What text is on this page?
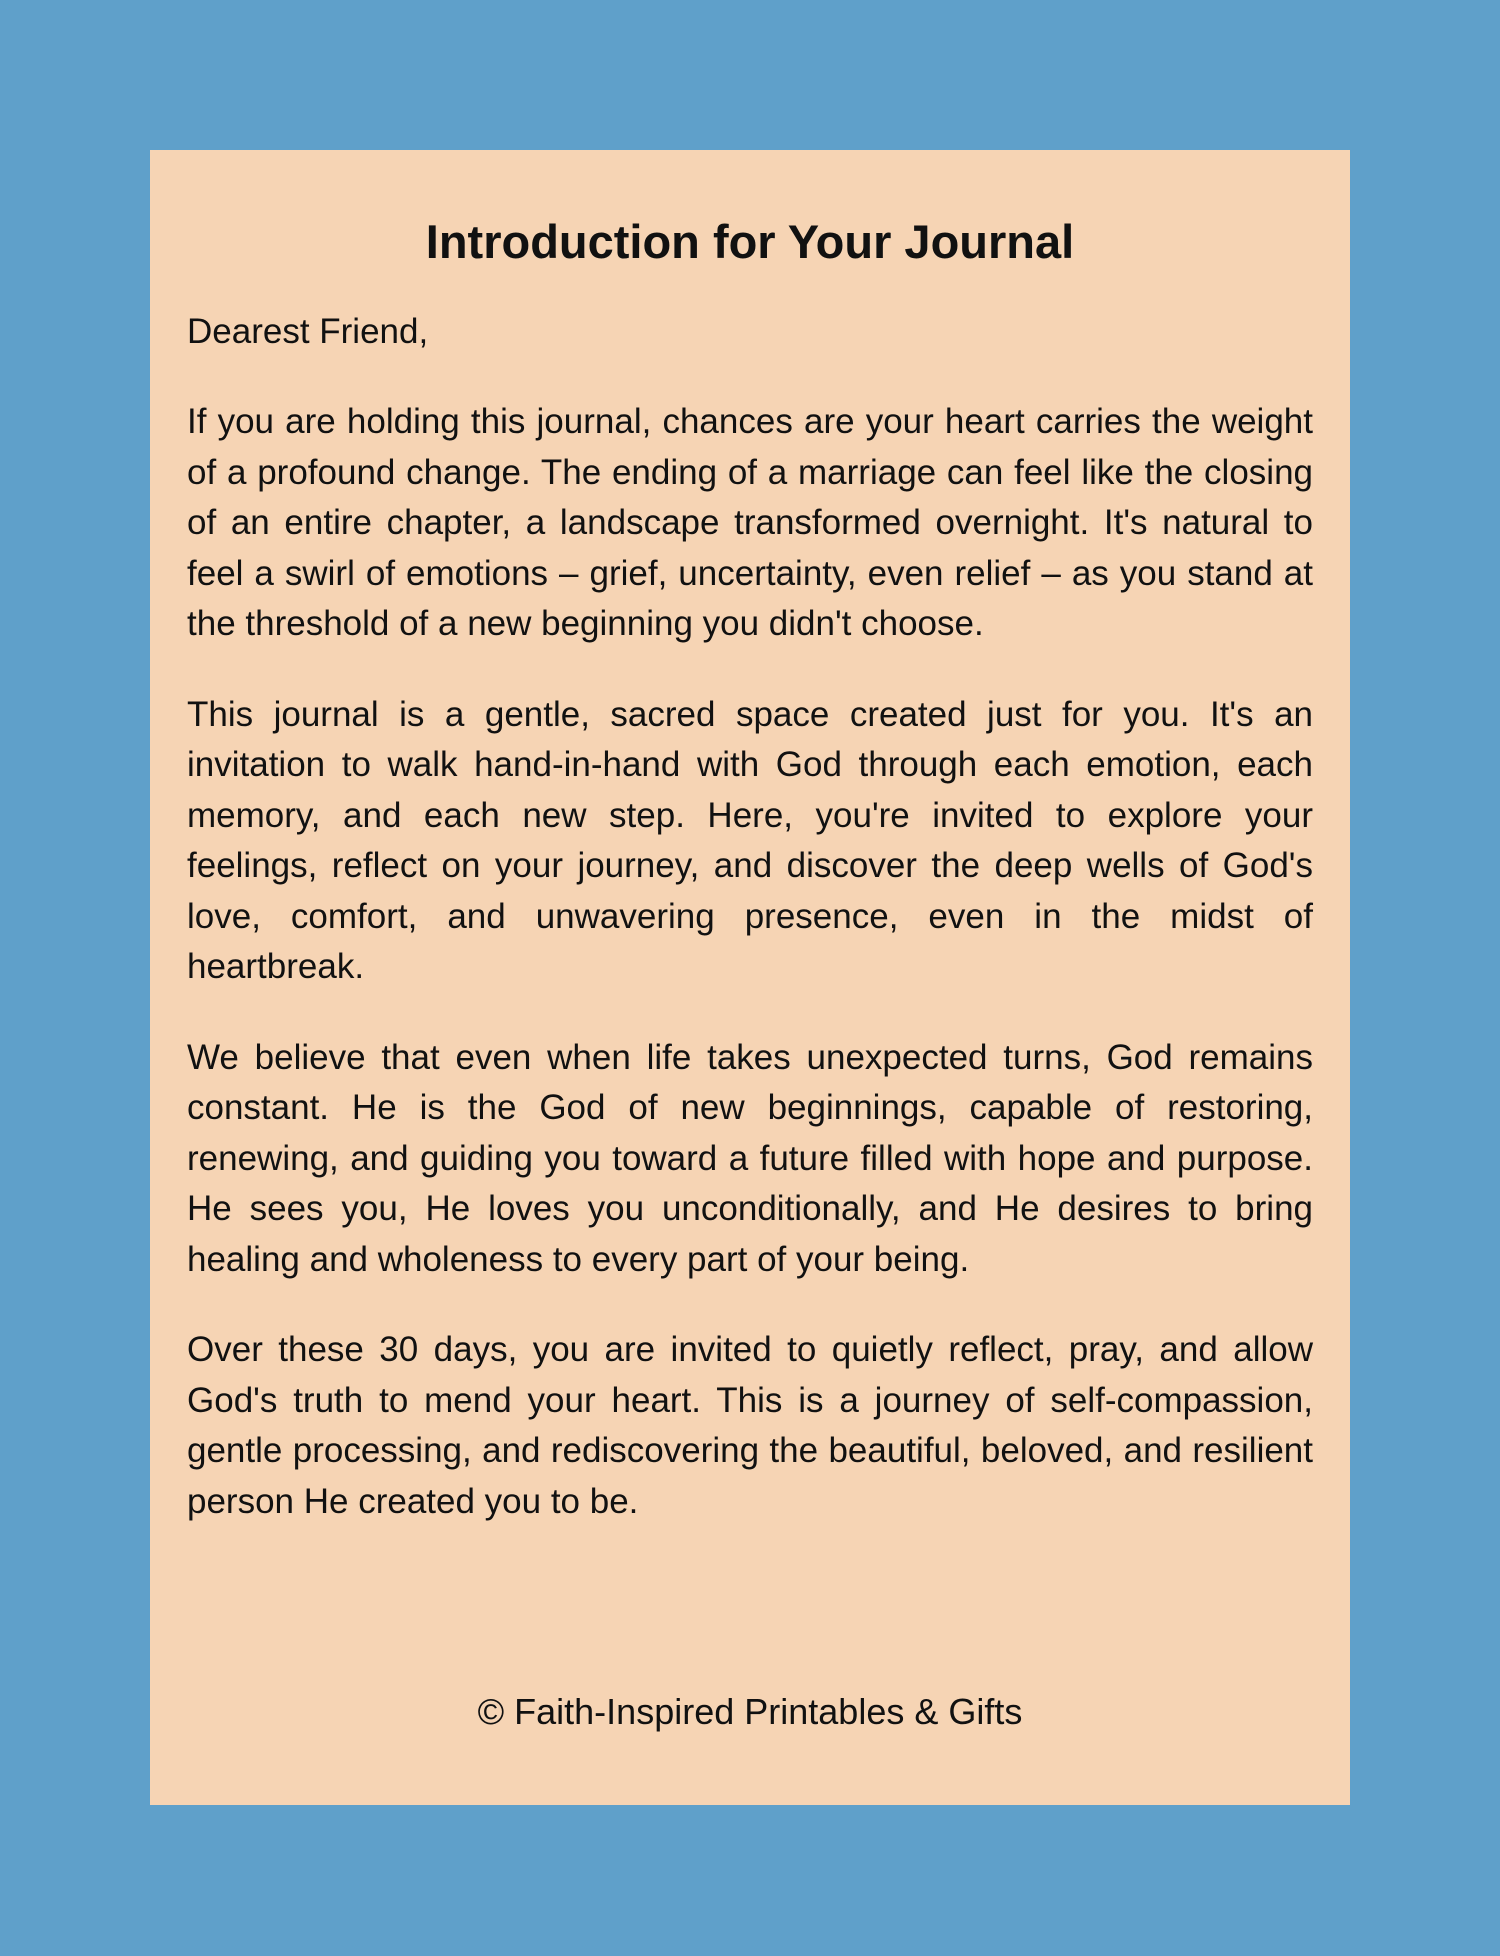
Introduction for Your Journal

Dearest Friend,

If you are holding this journal, chances are your heart carries the weight of a profound change. The ending of a marriage can feel like the closing of an entire chapter, a landscape transformed overnight. It's natural to feel a swirl of emotions – grief, uncertainty, even relief – as you stand at the threshold of a new beginning you didn't choose.

This journal is a gentle, sacred space created just for you. It's an invitation to walk hand-in-hand with God through each emotion, each memory, and each new step. Here, you're invited to explore your feelings, reflect on your journey, and discover the deep wells of God's love, comfort, and unwavering presence, even in the midst of heartbreak.

We believe that even when life takes unexpected turns, God remains constant. He is the God of new beginnings, capable of restoring, renewing, and guiding you toward a future filled with hope and purpose. He sees you, He loves you unconditionally, and He desires to bring healing and wholeness to every part of your being.

Over these 30 days, you are invited to quietly reflect, pray, and allow God's truth to mend your heart. This is a journey of self-compassion, gentle processing, and rediscovering the beautiful, beloved, and resilient person He created you to be.

© Faith-Inspired Printables & Gifts
